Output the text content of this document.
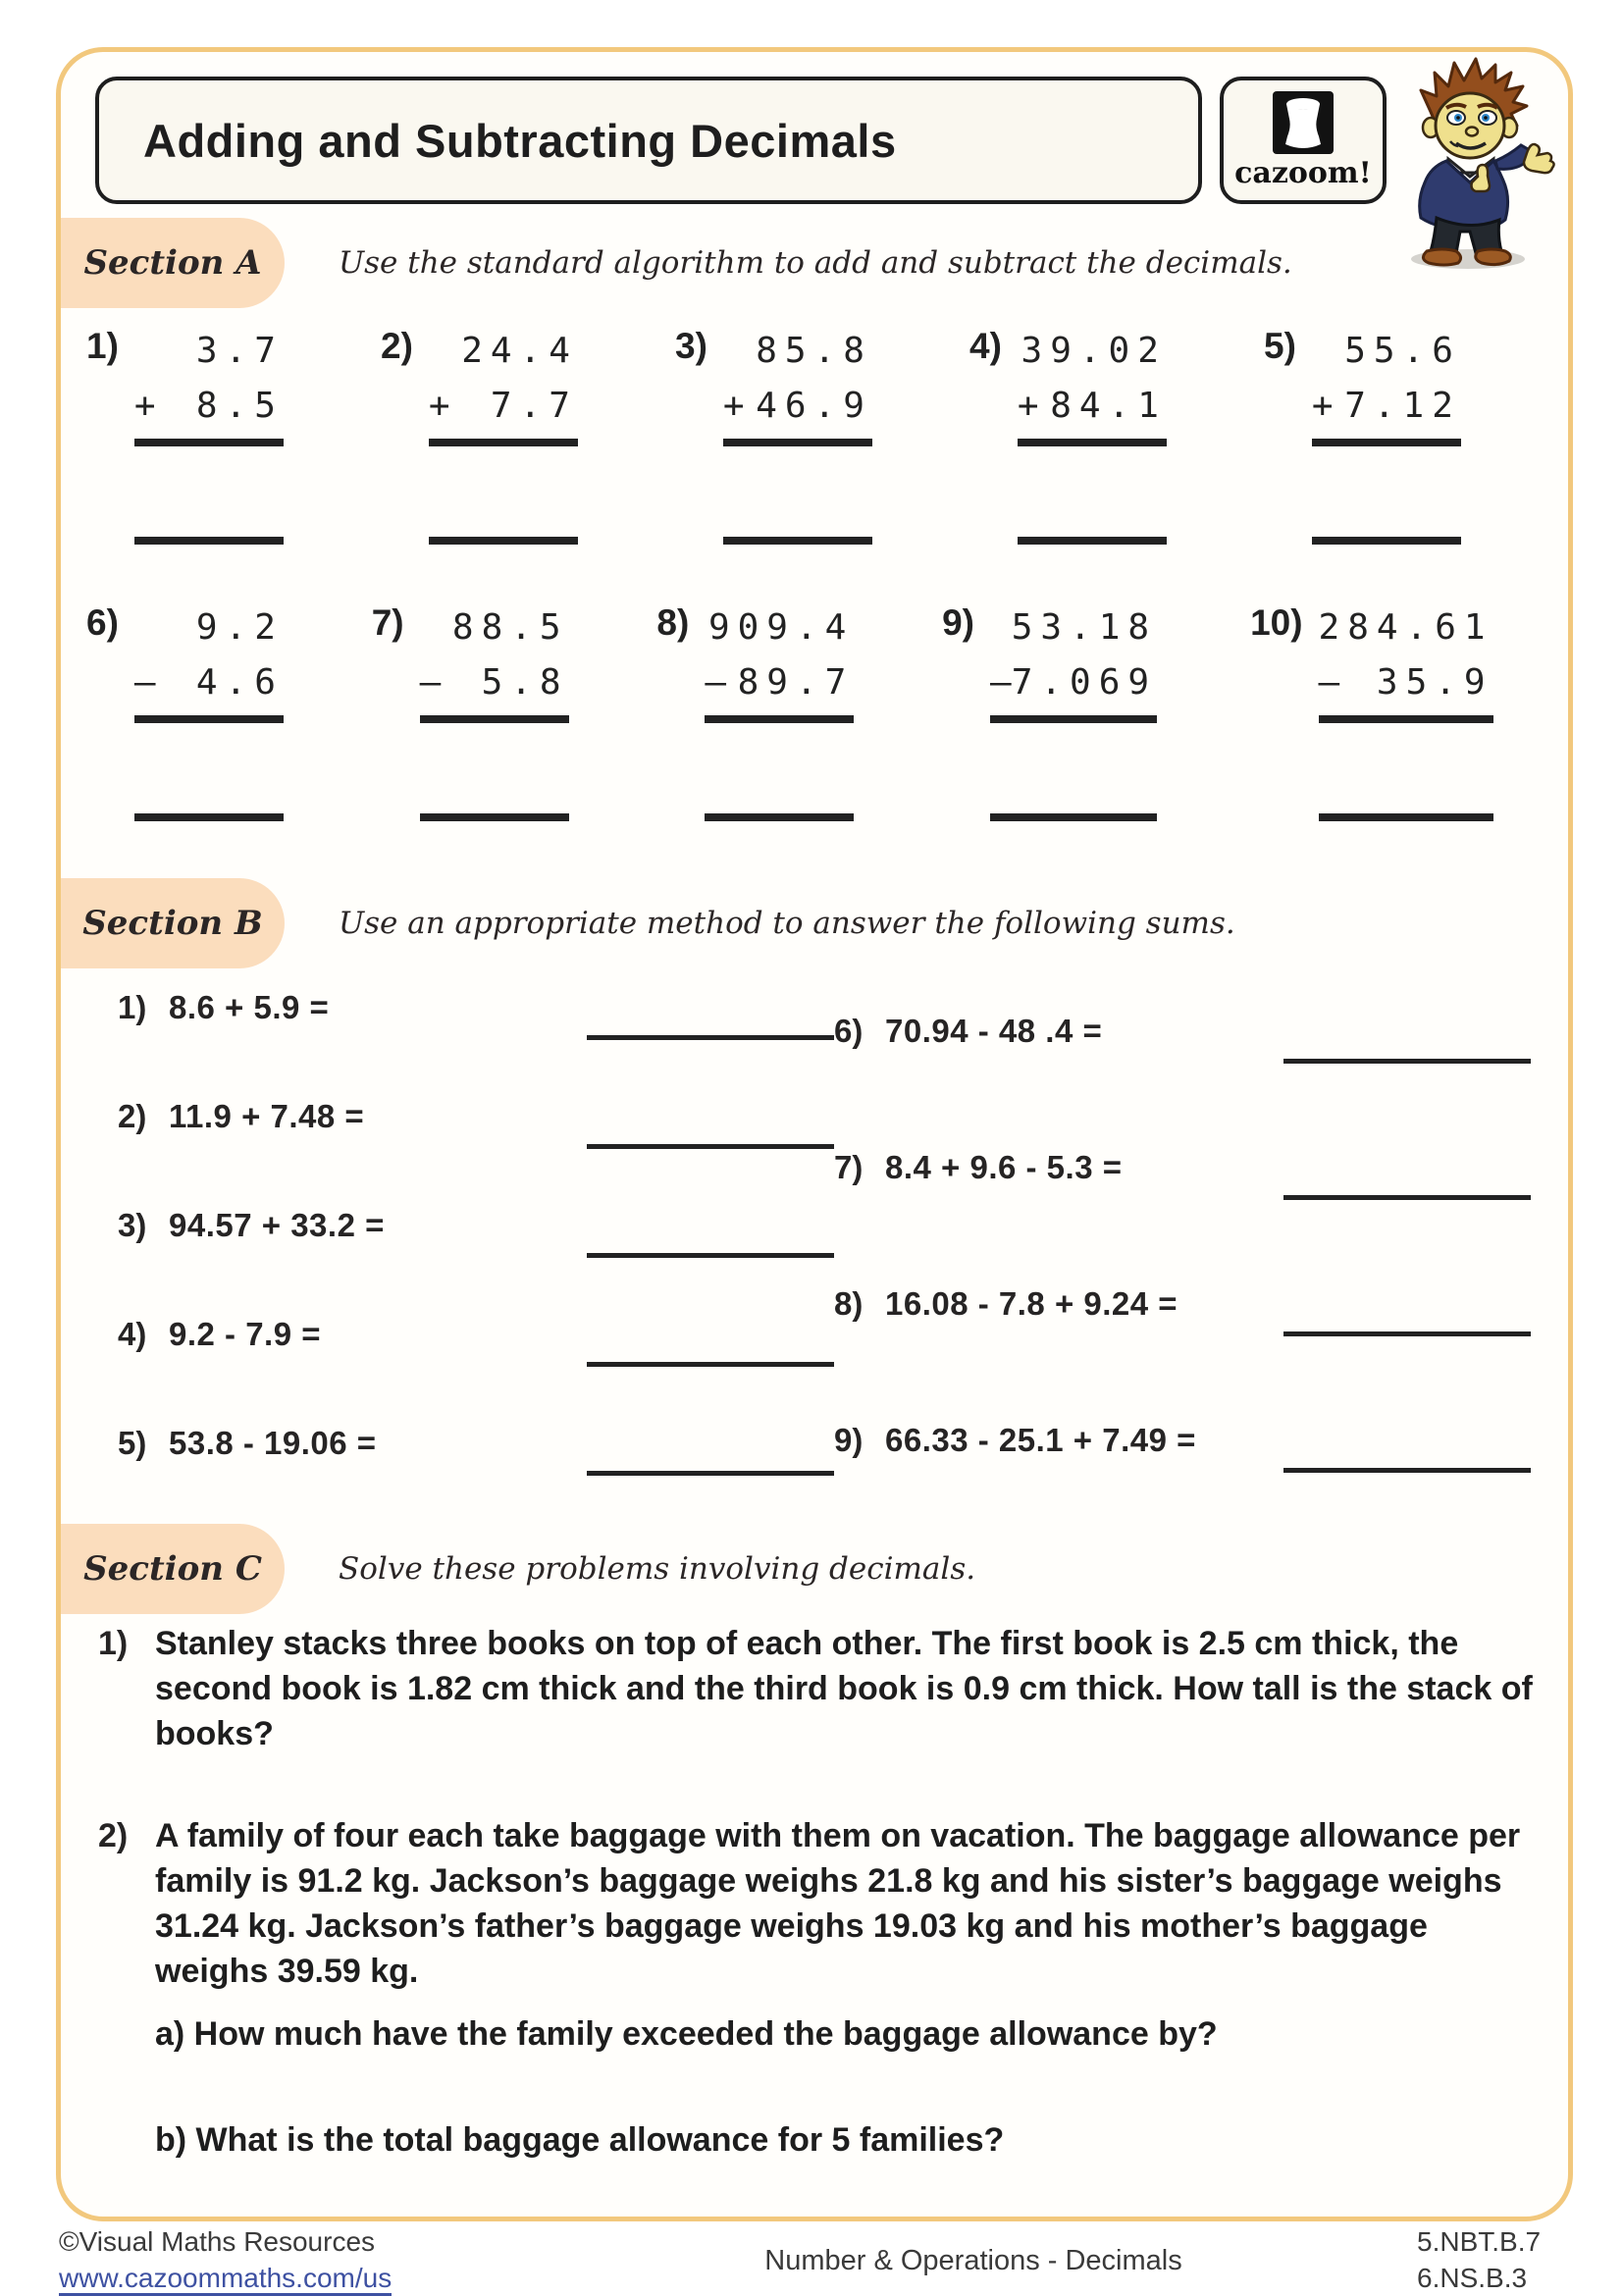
Adding and Subtracting Decimals
cazoom!
Section A	Use the standard algorithm to add and subtract the decimals.
1)	3.7
+ 8.5
2)	24.4
+ 7.7
3)	85.8
+ 46.9
4) 39.02
+ 84.1
5)	55.6
+ 7.12
6)	9.2
– 4.6
7)	88.5
– 5.8
8) 909.4
– 89.7
9)	53.18
– 7.069
10) 284.61
– 35.9
Section B Use an appropriate method to answer the following sums.
1) 8.6 + 5.9 =
2) 11.9 + 7.48 =
3) 94.57 + 33.2 =
4) 9.2 - 7.9 =
5) 53.8 - 19.06 =
6) 70.94 - 48 .4 =
7) 8.4 + 9.6 - 5.3 =
8) 16.08 - 7.8 + 9.24 =
9) 66.33 - 25.1 + 7.49 =
Section C	Solve these problems involving decimals.
1) Stanley stacks three books on top of each other. The first book is 2.5 cm thick, the second book is 1.82 cm thick and the third book is 0.9 cm thick. How tall is the stack of books?
2) A family of four each take baggage with them on vacation. The baggage allowance per family is 91.2 kg. Jackson’s baggage weighs 21.8 kg and his sister’s baggage weighs 31.24 kg. Jackson’s father’s baggage weighs 19.03 kg and his mother’s baggage weighs 39.59 kg.
a) How much have the family exceeded the baggage allowance by?
b) What is the total baggage allowance for 5 families?
©Visual Maths Resources
www.cazoommaths.com/us
Number & Operations - Decimals
5.NBT.B.7
6.NS.B.3
